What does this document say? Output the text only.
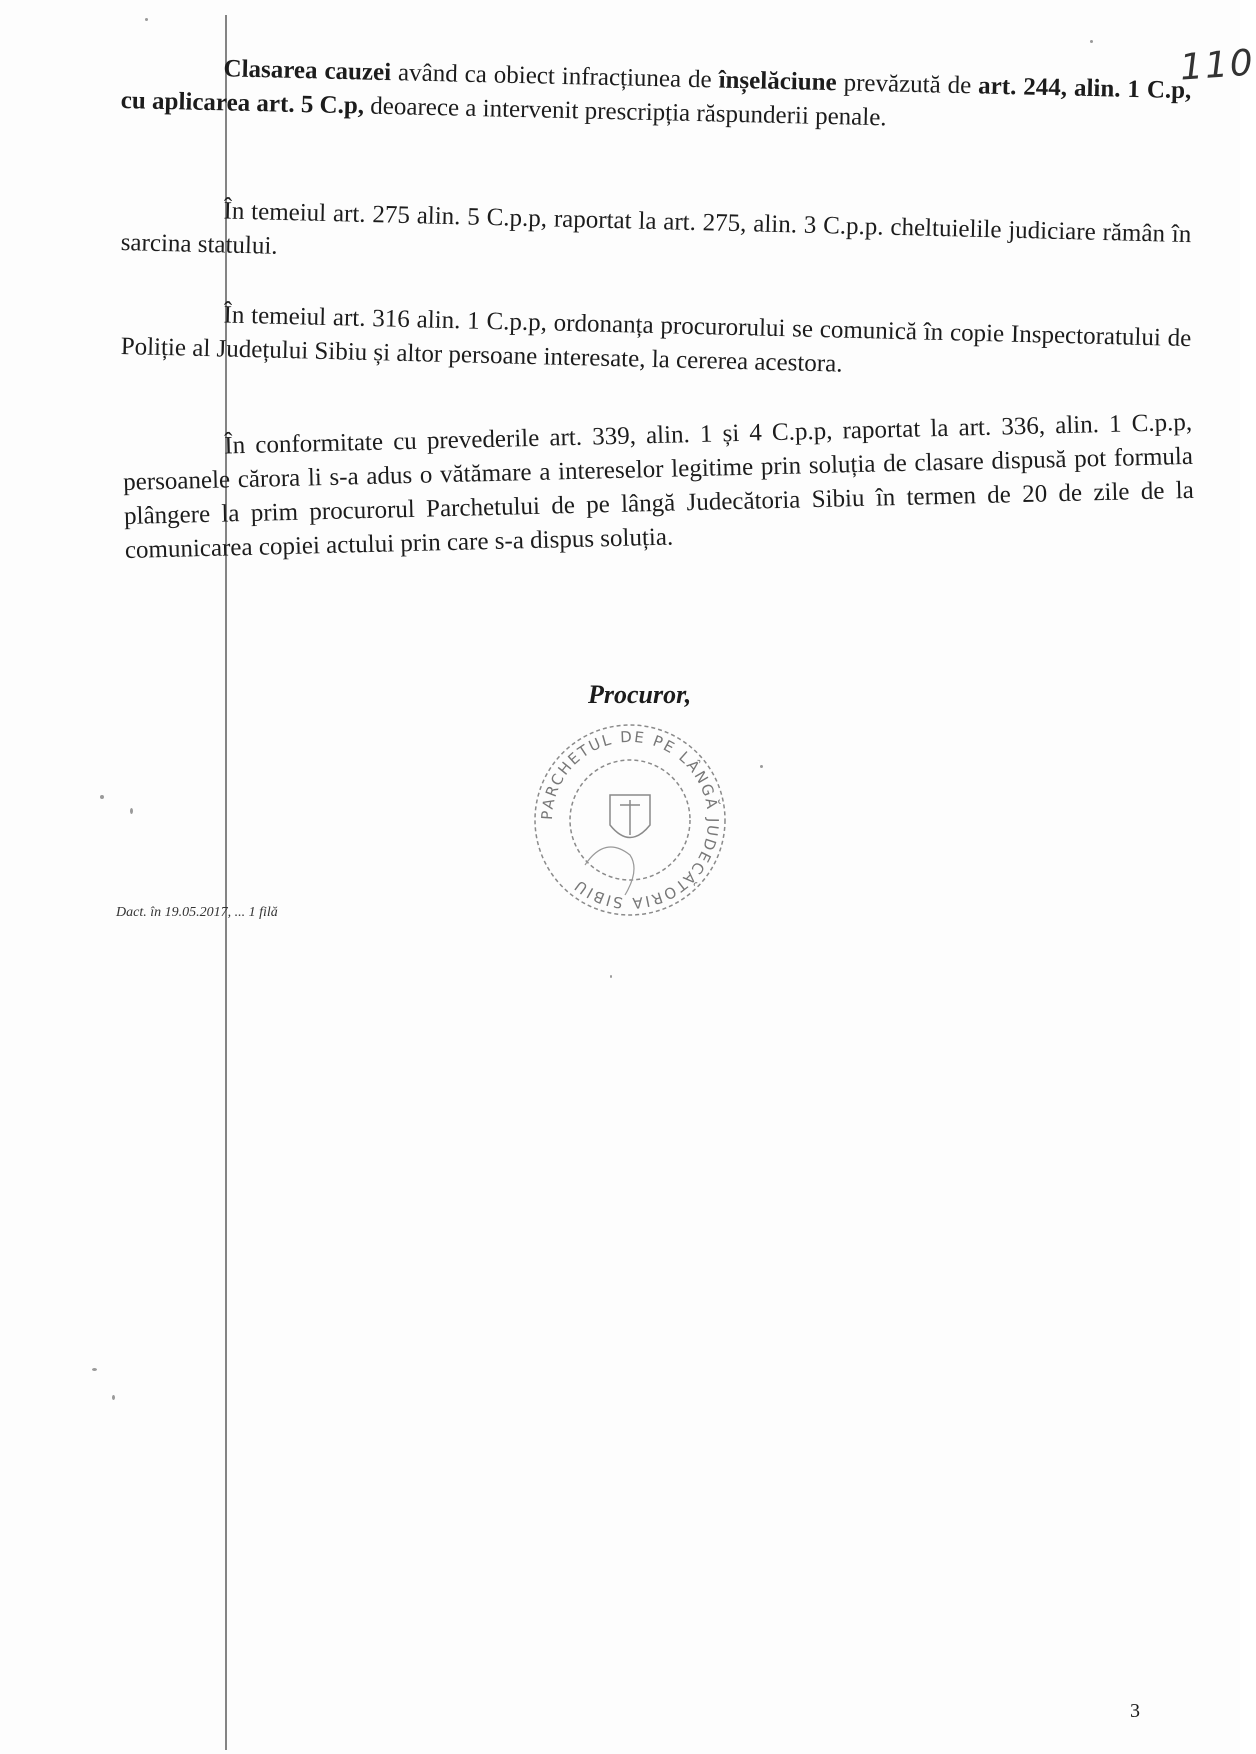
110
Clasarea cauzei având ca obiect infracțiunea de înșelăciune prevăzută de art. 244, alin. 1 C.p, cu aplicarea art. 5 C.p, deoarece a intervenit prescripția răspunderii penale.
În temeiul art. 275 alin. 5 C.p.p, raportat la art. 275, alin. 3 C.p.p. cheltuielile judiciare rămân în sarcina statului.
În temeiul art. 316 alin. 1 C.p.p, ordonanța procurorului se comunică în copie Inspectoratului de Poliție al Județului Sibiu și altor persoane interesate, la cererea acestora.
În conformitate cu prevederile art. 339, alin. 1 și 4 C.p.p, raportat la art. 336, alin. 1 C.p.p, persoanele cărora li s-a adus o vătămare a intereselor legitime prin soluția de clasare dispusă pot formula plângere la prim procurorul Parchetului de pe lângă Judecătoria Sibiu în termen de 20 de zile de la comunicarea copiei actului prin care s-a dispus soluția.
Procuror,
PARCHETUL DE PE LÂNGĂ JUDECĂTORIA SIBIU
Dact. în 19.05.2017, ... 1 filă
3
